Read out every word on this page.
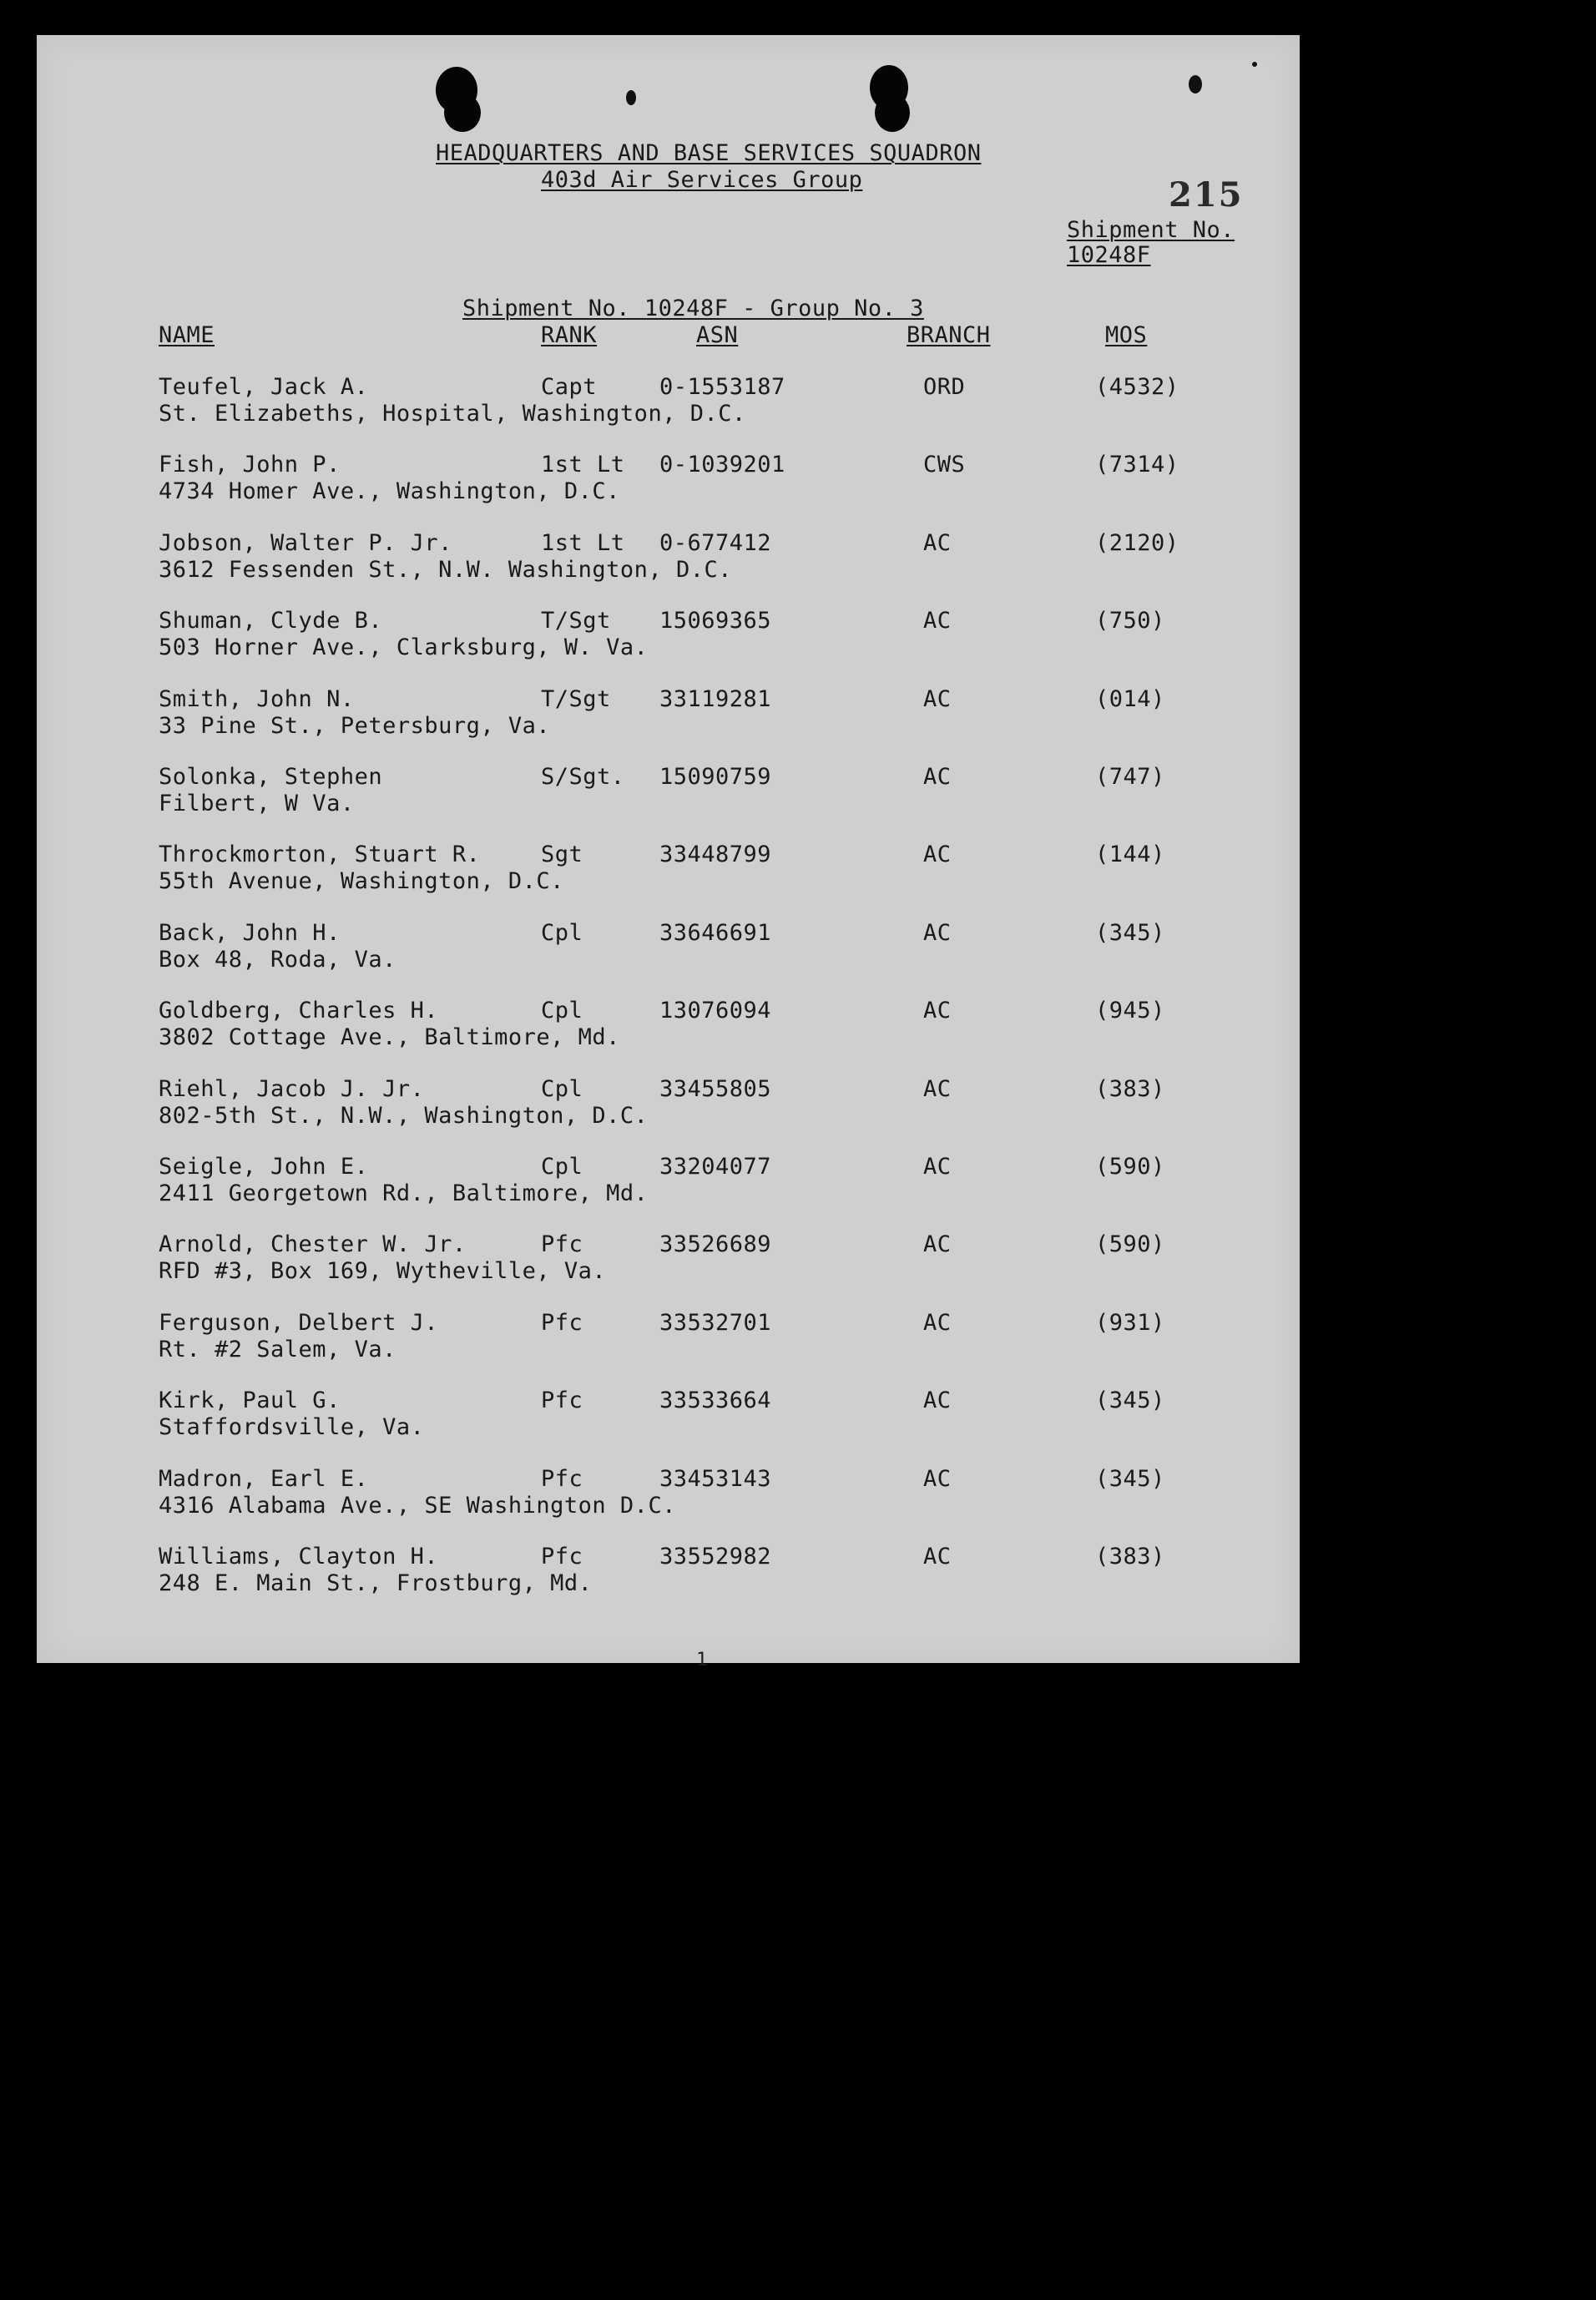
HEADQUARTERS AND BASE SERVICES SQUADRON
403d Air Services Group	215
Shipment No.
10248F
Shipment No. 10248F - Group No. 3
NAME	RANK	ASN	BRANCH	MOS
Teufel, Jack A.	Capt	0-1553187	ORD	(4532)
St. Elizabeths, Hospital, Washington, D.C.
Fish, John P.	1st Lt 0-1039201	CWS	(7314)
4734 Homer Ave., Washington, D.C.
Jobson, Walter P. Jr.	1st Lt 0-677412	AC	(2120)
3612 Fessenden St., N.W. Washington, D.C.
Shuman, Clyde B.	T/Sgt 15069365	AC	(750)
503 Horner Ave., Clarksburg, W. Va.
Smith, John N.	T/Sgt 33119281	AC	(014)
33 Pine St., Petersburg, Va.
Solonka, Stephen	S/Sgt. 15090759	AC	(747)
Filbert, W Va.
Throckmorton, Stuart R.	Sgt	33448799	AC	(144)
55th Avenue, Washington, D.C.
Back, John H.	Cpl	33646691	AC	(345)
Box 48, Roda, Va.
Goldberg, Charles H.	Cpl	13076094	AC	(945)
3802 Cottage Ave., Baltimore, Md.
Riehl, Jacob J. Jr.	Cpl	33455805	AC	(383)
802-5th St., N.W., Washington, D.C.
Seigle, John E.	Cpl	33204077	AC	(590)
2411 Georgetown Rd., Baltimore, Md.
Arnold, Chester W. Jr.	Pfc	33526689	AC	(590)
RFD #3, Box 169, Wytheville, Va.
Ferguson, Delbert J.	Pfc	33532701	AC	(931)
Rt. #2 Salem, Va.
Kirk, Paul G.	Pfc	33533664	AC	(345)
Staffordsville, Va.
Madron, Earl E.	Pfc	33453143	AC	(345)
4316 Alabama Ave., SE Washington D.C.
Williams, Clayton H.	Pfc	33552982	AC	(383)
248 E. Main St., Frostburg, Md.
1
